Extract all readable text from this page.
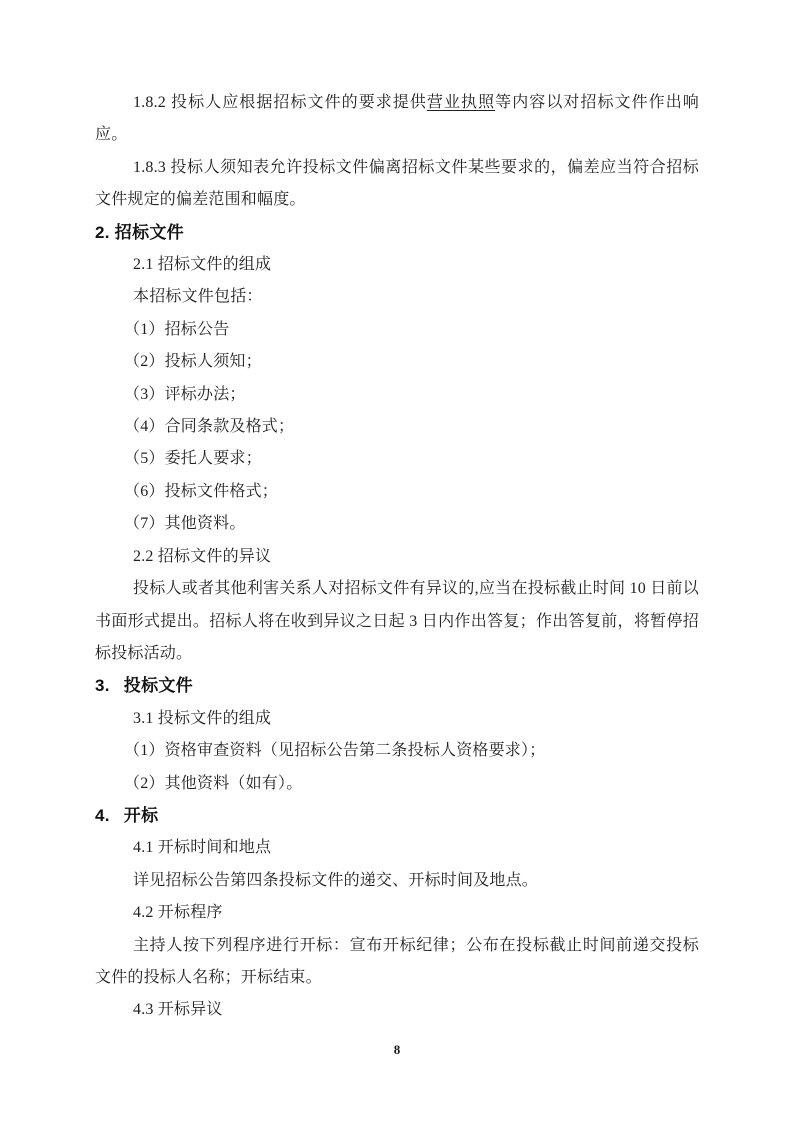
1.8.2 投标人应根据招标文件的要求提供营业执照等内容以对招标文件作出响应。

1.8.3 投标人须知表允许投标文件偏离招标文件某些要求的，偏差应当符合招标文件规定的偏差范围和幅度。

2. 招标文件

2.1 招标文件的组成

本招标文件包括：

（1）招标公告

（2）投标人须知；

（3）评标办法；

（4）合同条款及格式；

（5）委托人要求；

（6）投标文件格式；

（7）其他资料。

2.2 招标文件的异议

投标人或者其他利害关系人对招标文件有异议的,应当在投标截止时间 10 日前以书面形式提出。招标人将在收到异议之日起 3 日内作出答复；作出答复前，将暂停招标投标活动。

3. 投标文件

3.1 投标文件的组成

（1）资格审查资料（见招标公告第二条投标人资格要求）；

（2）其他资料（如有）。

4. 开标

4.1 开标时间和地点

详见招标公告第四条投标文件的递交、开标时间及地点。

4.2 开标程序

主持人按下列程序进行开标：宣布开标纪律；公布在投标截止时间前递交投标文件的投标人名称；开标结束。

4.3 开标异议

8
